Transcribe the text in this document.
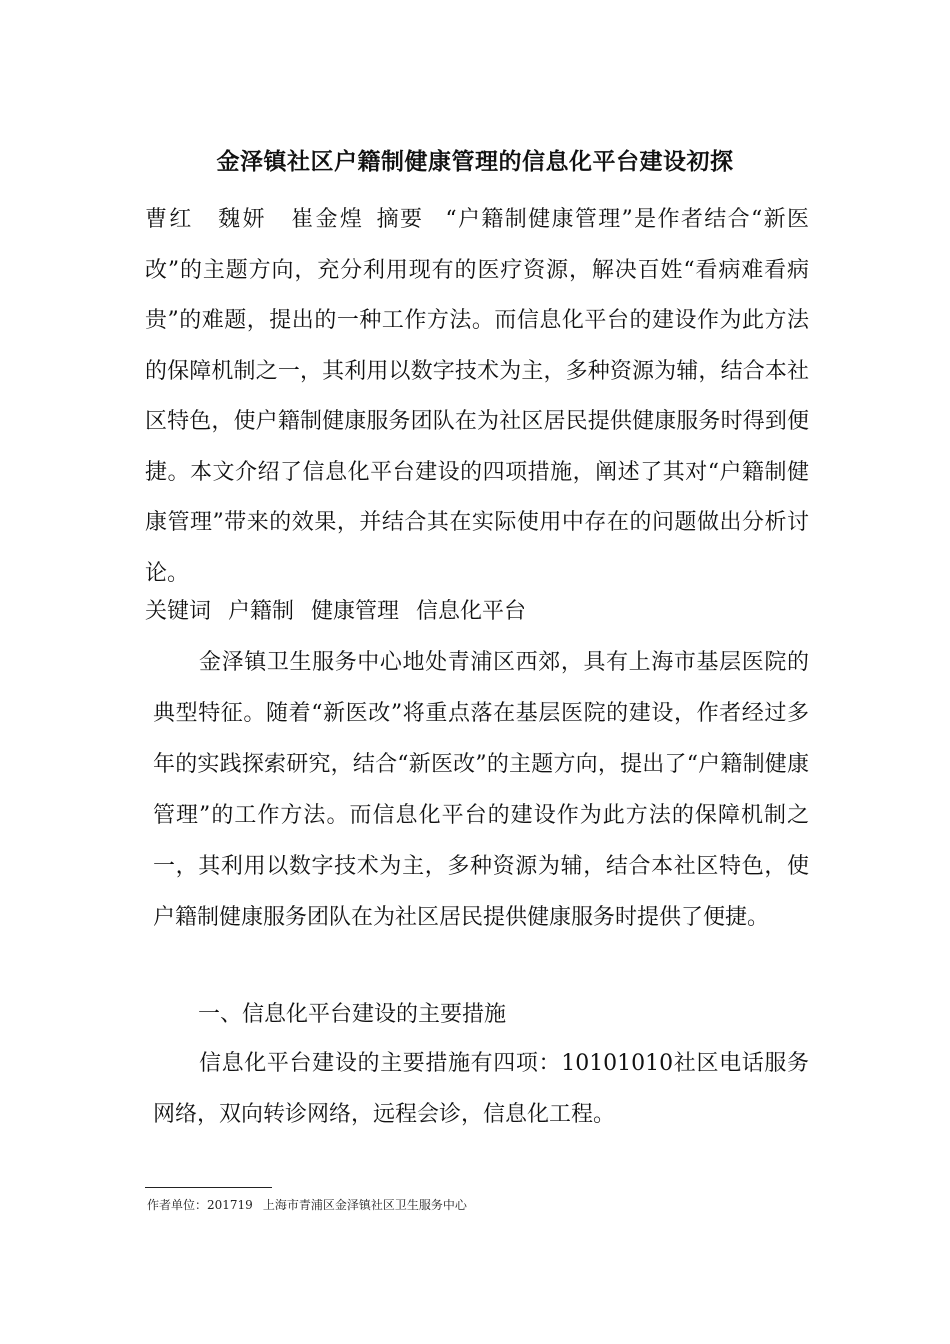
金泽镇社区户籍制健康管理的信息化平台建设初探
曹红　魏妍　崔金煌 摘要 “户籍制健康管理”是作者结合“新医改”的主题方向，充分利用现有的医疗资源，解决百姓“看病难看病贵”的难题，提出的一种工作方法。而信息化平台的建设作为此方法的保障机制之一，其利用以数字技术为主，多种资源为辅，结合本社区特色，使户籍制健康服务团队在为社区居民提供健康服务时得到便捷。本文介绍了信息化平台建设的四项措施，阐述了其对“户籍制健康管理”带来的效果，并结合其在实际使用中存在的问题做出分析讨论。
关键词 户籍制 健康管理 信息化平台

金泽镇卫生服务中心地处青浦区西郊，具有上海市基层医院的典型特征。随着“新医改”将重点落在基层医院的建设，作者经过多年的实践探索研究，结合“新医改”的主题方向，提出了“户籍制健康管理”的工作方法。而信息化平台的建设作为此方法的保障机制之一，其利用以数字技术为主，多种资源为辅，结合本社区特色，使户籍制健康服务团队在为社区居民提供健康服务时提供了便捷。

一、信息化平台建设的主要措施

信息化平台建设的主要措施有四项：10101010社区电话服务网络，双向转诊网络，远程会诊，信息化工程。

作者单位：201719 上海市青浦区金泽镇社区卫生服务中心
